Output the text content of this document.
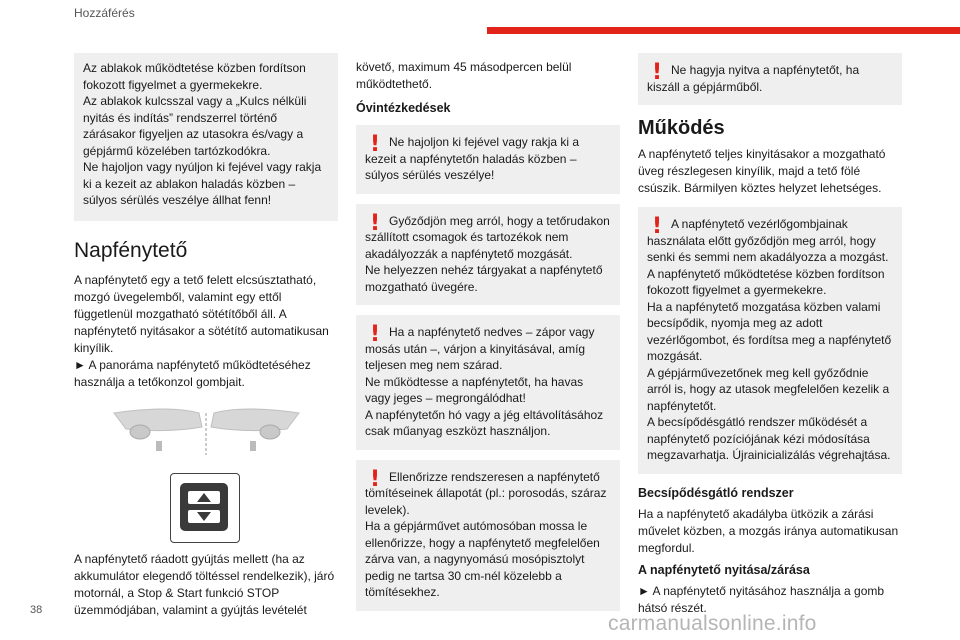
Hozzáférés
Az ablakok működtetése közben fordítson fokozott figyelmet a gyermekekre.
Az ablakok kulcsszal vagy a „Kulcs nélküli nyitás és indítás” rendszerrel történő zárásakor figyeljen az utasokra és/vagy a gépjármű közelében tartózkodókra.
Ne hajoljon vagy nyúljon ki fejével vagy rakja ki a kezeit az ablakon haladás közben – súlyos sérülés veszélye állhat fenn!
Napfénytető

A napfénytető egy a tető felett elcsúsztatható, mozgó üvegelemből, valamint egy ettől függetlenül mozgatható sötétítőből áll. A napfénytető nyitásakor a sötétítő automatikusan kinyílik.

► A panoráma napfénytető működtetéséhez használja a tetőkonzol gombjait.

A napfénytető ráadott gyújtás mellett (ha az akkumulátor elegendő töltéssel rendelkezik), járó motornál, a Stop & Start funkció STOP üzemmódjában, valamint a gyújtás levételét

követő, maximum 45 másodpercen belül működtethető.

Óvintézkedések

! Ne hajoljon ki fejével vagy rakja ki a kezeit a napfénytetőn haladás közben – súlyos sérülés veszélye!
! Győződjön meg arról, hogy a tetőrudakon szállított csomagok és tartozékok nem akadályozzák a napfénytető mozgását.
Ne helyezzen nehéz tárgyakat a napfénytető mozgatható üvegére.
! Ha a napfénytető nedves – zápor vagy mosás után –, várjon a kinyitásával, amíg teljesen meg nem szárad.
Ne működtesse a napfénytetőt, ha havas vagy jeges – megrongálódhat!
A napfénytetőn hó vagy a jég eltávolításához csak műanyag eszközt használjon.
! Ellenőrizze rendszeresen a napfénytető tömítéseinek állapotát (pl.: porosodás, száraz levelek).
Ha a gépjárművet autómosóban mossa le ellenőrizze, hogy a napfénytető megfelelően zárva van, a nagynyomású mosópisztolyt pedig ne tartsa 30 cm-nél közelebb a tömítésekhez.
! Ne hagyja nyitva a napfénytetőt, ha kiszáll a gépjárműből.
Működés

A napfénytető teljes kinyitásakor a mozgatható üveg részlegesen kinyílik, majd a tető fölé csúszik. Bármilyen köztes helyzet lehetséges.

! A napfénytető vezérlőgombjainak használata előtt győződjön meg arról, hogy senki és semmi nem akadályozza a mozgást.
A napfénytető működtetése közben fordítson fokozott figyelmet a gyermekekre.
Ha a napfénytető mozgatása közben valami becsípődik, nyomja meg az adott vezérlőgombot, és fordítsa meg a napfénytető mozgását.
A gépjárművezetőnek meg kell győződnie arról is, hogy az utasok megfelelően kezelik a napfénytetőt.
A becsípődésgátló rendszer működését a napfénytető pozíciójának kézi módosítása megzavarhatja. Újrainicializálás végrehajtása.

Becsípődésgátló rendszer

Ha a napfénytető akadályba ütközik a zárási művelet közben, a mozgás iránya automatikusan megfordul.

A napfénytető nyitása/zárása

► A napfénytető nyitásához használja a gomb hátsó részét.

38
carmanualsonline.info
